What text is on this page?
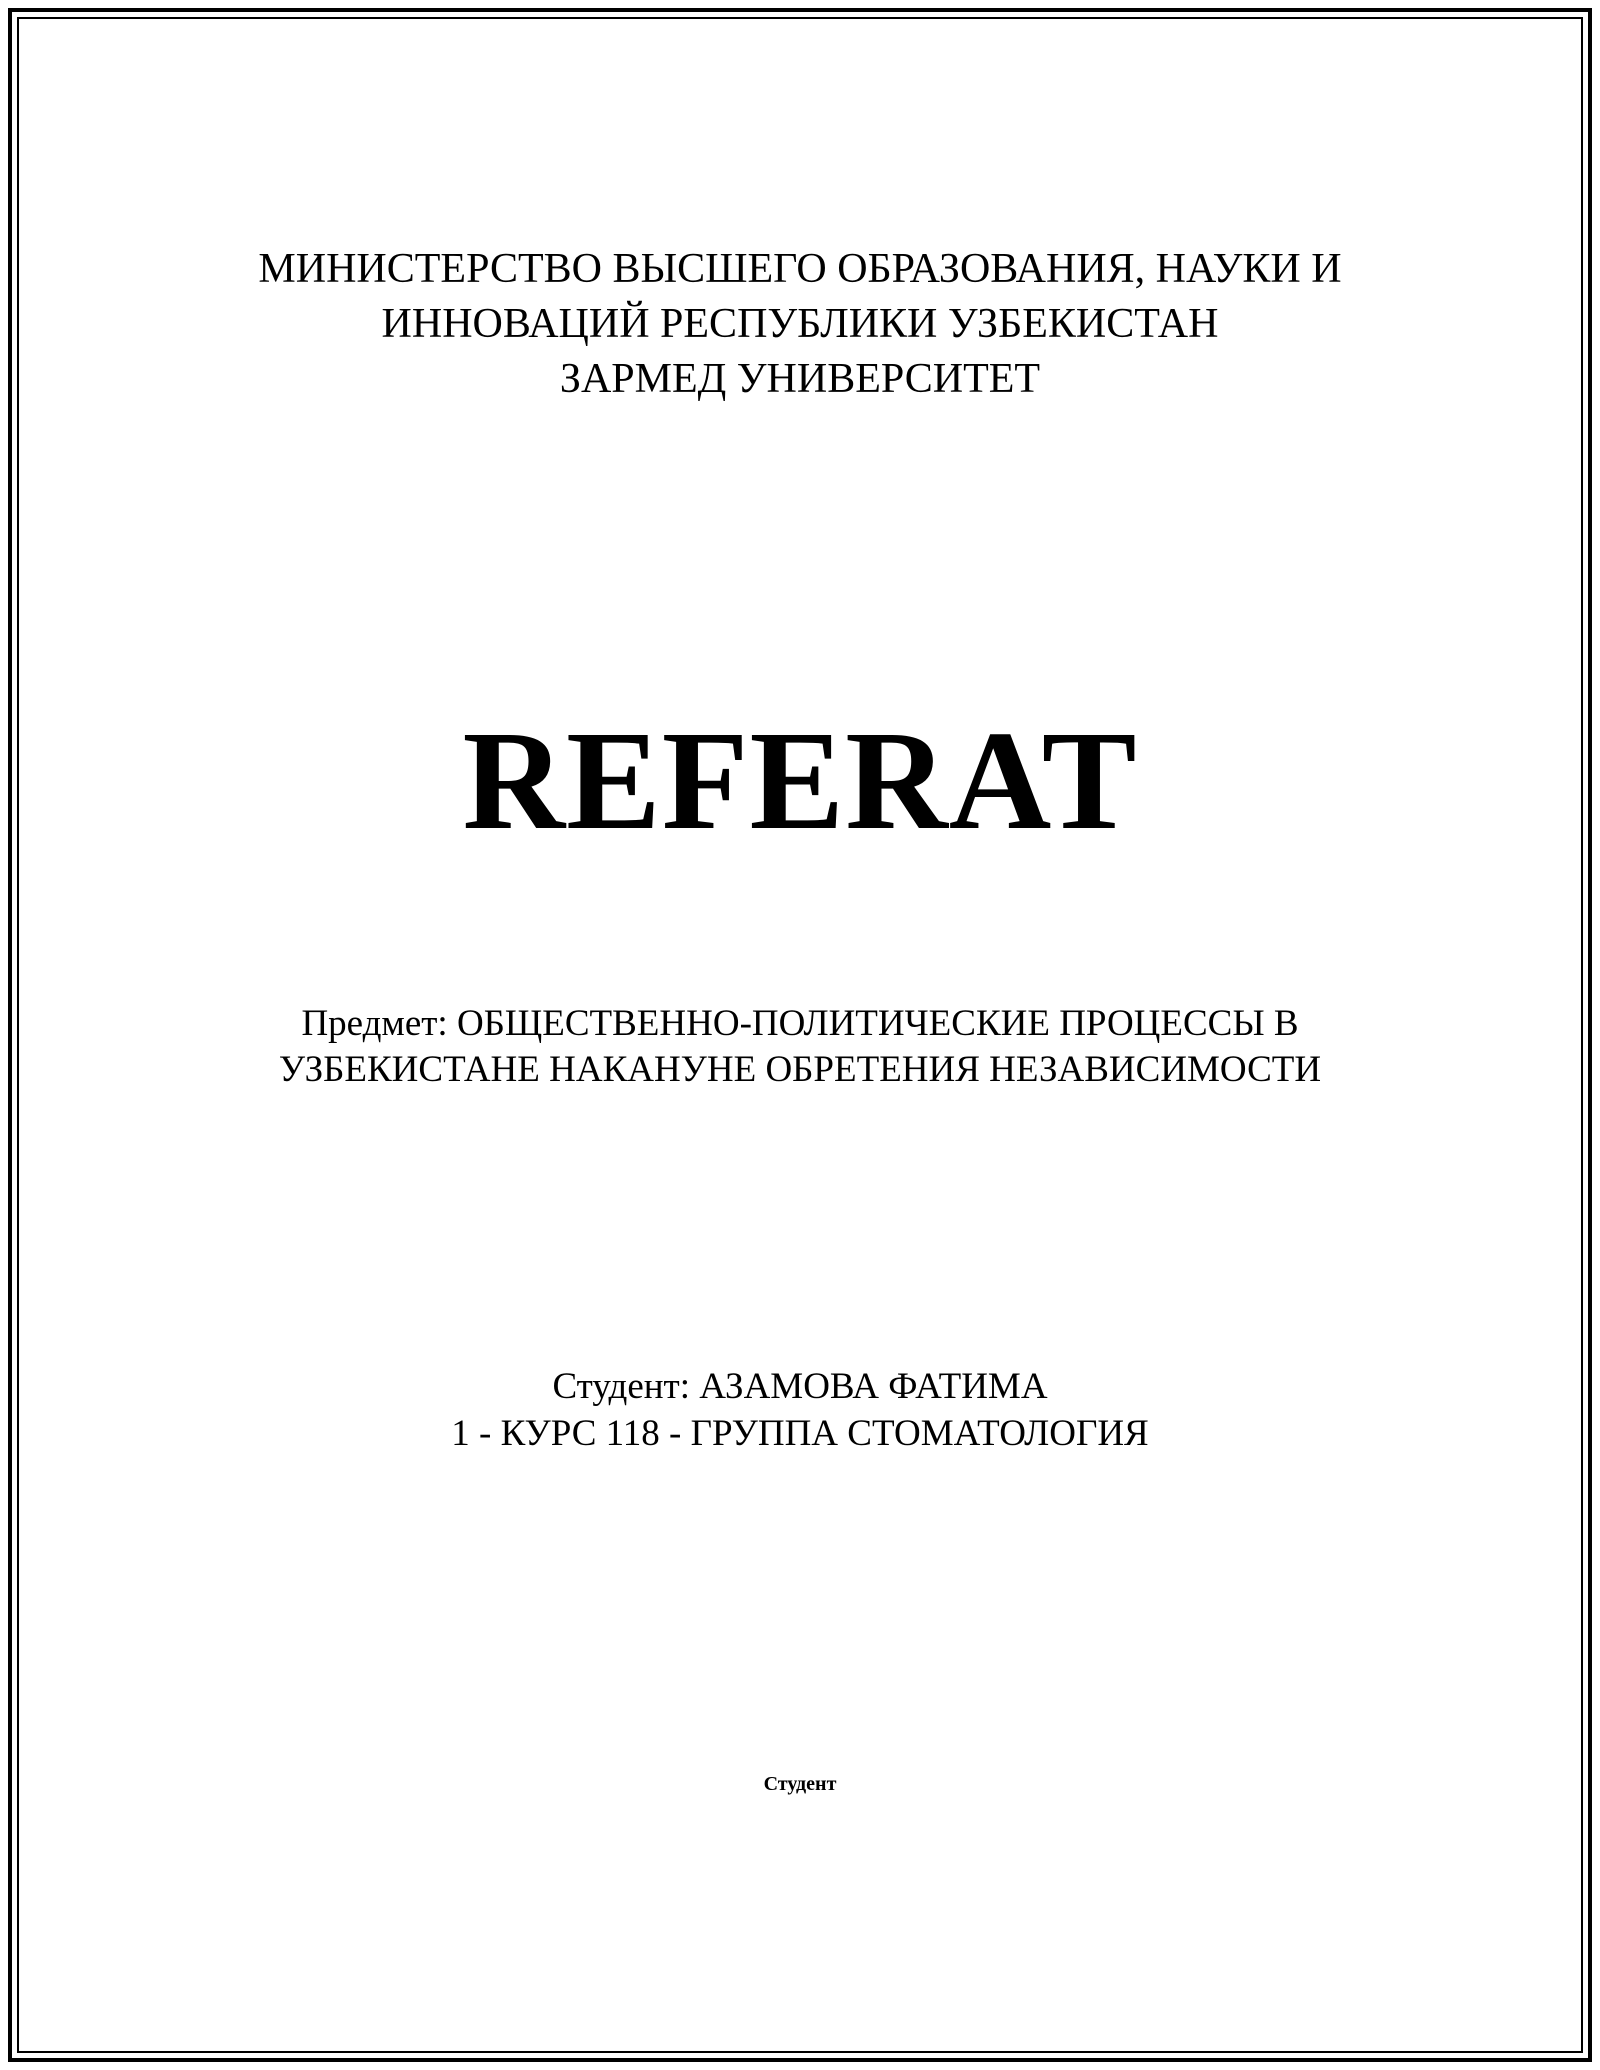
МИНИСТЕРСТВО ВЫСШЕГО ОБРАЗОВАНИЯ, НАУКИ И
ИННОВАЦИЙ РЕСПУБЛИКИ УЗБЕКИСТАН
ЗАРМЕД УНИВЕРСИТЕТ
REFERAT
Предмет: ОБЩЕСТВЕННО-ПОЛИТИЧЕСКИЕ ПРОЦЕССЫ В
УЗБЕКИСТАНЕ НАКАНУНЕ ОБРЕТЕНИЯ НЕЗАВИСИМОСТИ
Студент: АЗАМОВА ФАТИМА
1 - КУРС 118 - ГРУППА СТОМАТОЛОГИЯ
Студент
